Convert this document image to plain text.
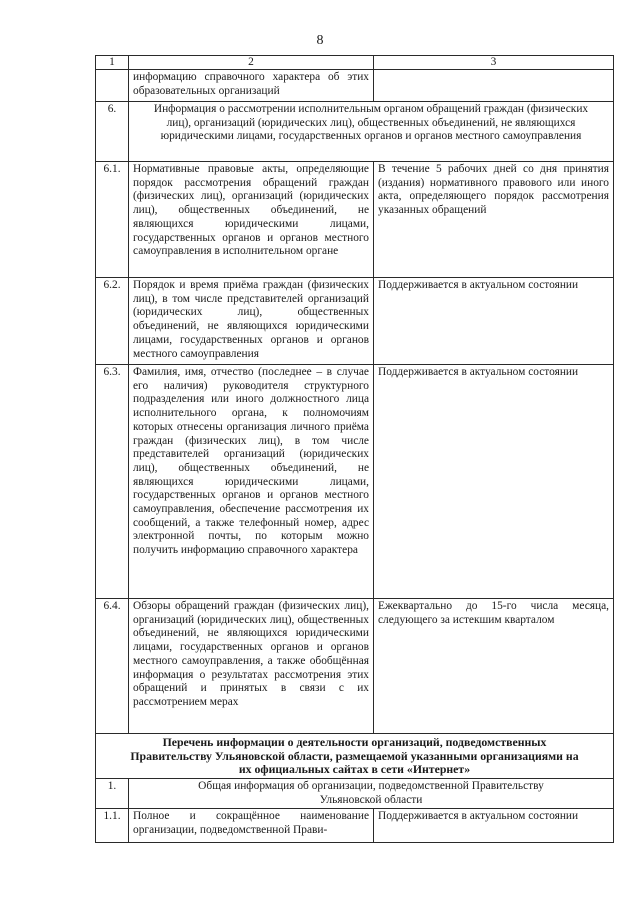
8
1	2	3
	информацию справочного характера об этих образовательных организаций	
6.	Информация о рассмотрении исполнительным органом обращений граждан (физических лиц), организаций (юридических лиц), общественных объединений, не являющихся юридическими лицами, государственных органов и органов местного самоуправления	
6.1.	Нормативные правовые акты, определяющие порядок рассмотрения обращений граждан (физических лиц), организаций (юридических лиц), общественных объединений, не являющихся юридическими лицами, государственных органов и органов местного самоуправления в исполнительном органе	В течение 5 рабочих дней со дня принятия (издания) нормативного правового или иного акта, определяющего порядок рассмотрения указанных обращений
6.2.	Порядок и время приёма граждан (физических лиц), в том числе представителей организаций (юридических лиц), общественных объединений, не являющихся юридическими лицами, государственных органов и органов местного самоуправления	Поддерживается в актуальном состоянии
6.3.	Фамилия, имя, отчество (последнее – в случае его наличия) руководителя структурного подразделения или иного должностного лица исполнительного органа, к полномочиям которых отнесены организация личного приёма граждан (физических лиц), в том числе представителей организаций (юридических лиц), общественных объединений, не являющихся юридическими лицами, государственных органов и органов местного самоуправления, обеспечение рассмотрения их сообщений, а также телефонный номер, адрес электронной почты, по которым можно получить информацию справочного характера	Поддерживается в актуальном состоянии
6.4.	Обзоры обращений граждан (физических лиц), организаций (юридических лиц), общественных объединений, не являющихся юридическими лицами, государственных органов и органов местного самоуправления, а также обобщённая информация о результатах рассмотрения этих обращений и принятых в связи с их рассмотрением мерах	Ежеквартально до 15-го числа месяца, следующего за истекшим кварталом
Перечень информации о деятельности организаций, подведомственных Правительству Ульяновской области, размещаемой указанными организациями на их официальных сайтах в сети «Интернет»		
1.	Общая информация об организации, подведомственной Правительству Ульяновской области	
1.1.	Полное и сокращённое наименование организации, подведомственной Прави-	Поддерживается в актуальном состоянии
